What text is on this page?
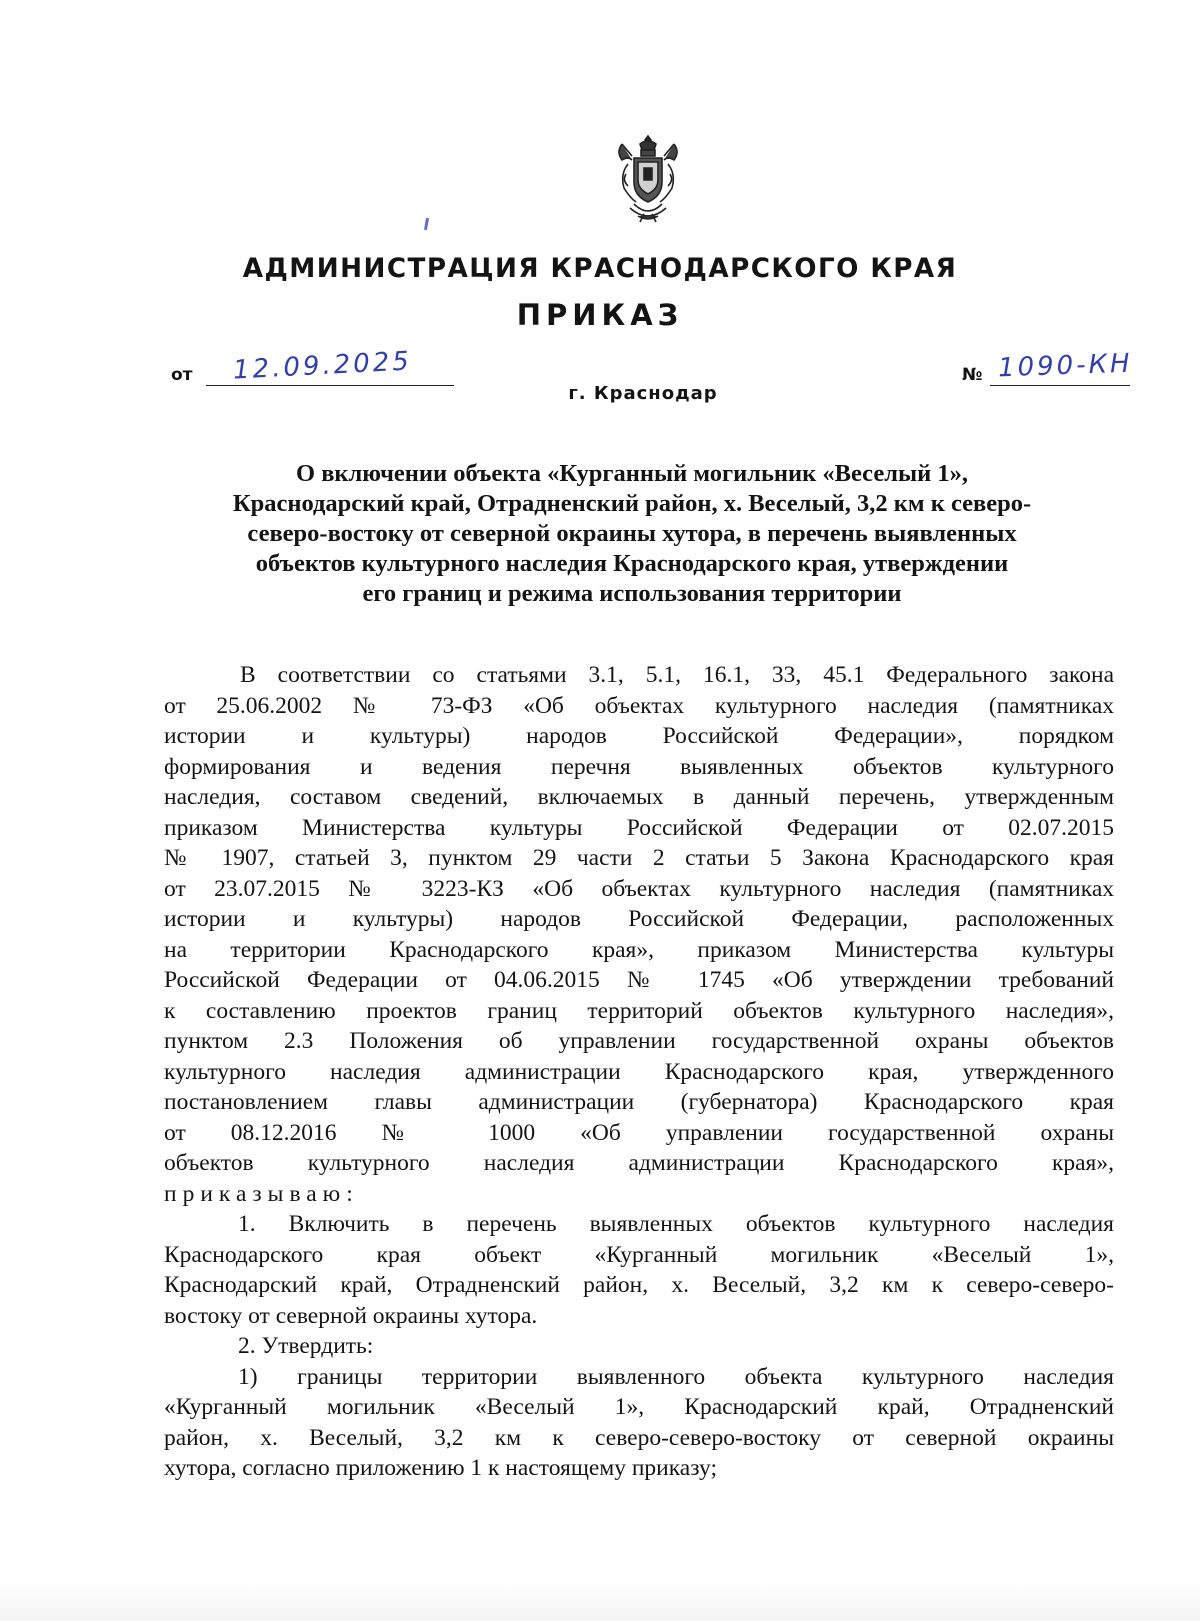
АДМИНИСТРАЦИЯ КРАСНОДАРСКОГО КРАЯ
ПРИКАЗ
от 12.09.2025	№ 1090-КН
г. Краснодар
О включении объекта «Курганный могильник «Веселый 1»,
Краснодарский край, Отрадненский район, х. Веселый, 3,2 км к северо-
северо-востоку от северной окраины хутора, в перечень выявленных
объектов культурного наследия Краснодарского края, утверждении
его границ и режима использования территории
В соответствии со статьями 3.1, 5.1, 16.1, 33, 45.1 Федерального закона
от 25.06.2002 № 73-ФЗ «Об объектах культурного наследия (памятниках
истории и культуры) народов Российской Федерации», порядком
формирования и ведения перечня выявленных объектов культурного
наследия, составом сведений, включаемых в данный перечень, утвержденным
приказом Министерства культуры Российской Федерации от 02.07.2015
№ 1907, статьей 3, пунктом 29 части 2 статьи 5 Закона Краснодарского края
от 23.07.2015 № 3223-КЗ «Об объектах культурного наследия (памятниках
истории и культуры) народов Российской Федерации, расположенных
на территории Краснодарского края», приказом Министерства культуры
Российской Федерации от 04.06.2015 № 1745 «Об утверждении требований
к составлению проектов границ территорий объектов культурного наследия»,
пунктом 2.3 Положения об управлении государственной охраны объектов
культурного наследия администрации Краснодарского края, утвержденного
постановлением главы администрации (губернатора) Краснодарского края
от 08.12.2016 № 1000 «Об управлении государственной охраны
объектов культурного наследия администрации Краснодарского края»,
приказываю:
1. Включить в перечень выявленных объектов культурного наследия
Краснодарского края объект «Курганный могильник «Веселый 1»,
Краснодарский край, Отрадненский район, х. Веселый, 3,2 км к северо-северо-
востоку от северной окраины хутора.
2. Утвердить:
1) границы территории выявленного объекта культурного наследия
«Курганный могильник «Веселый 1», Краснодарский край, Отрадненский
район, х. Веселый, 3,2 км к северо-северо-востоку от северной окраины
хутора, согласно приложению 1 к настоящему приказу;
